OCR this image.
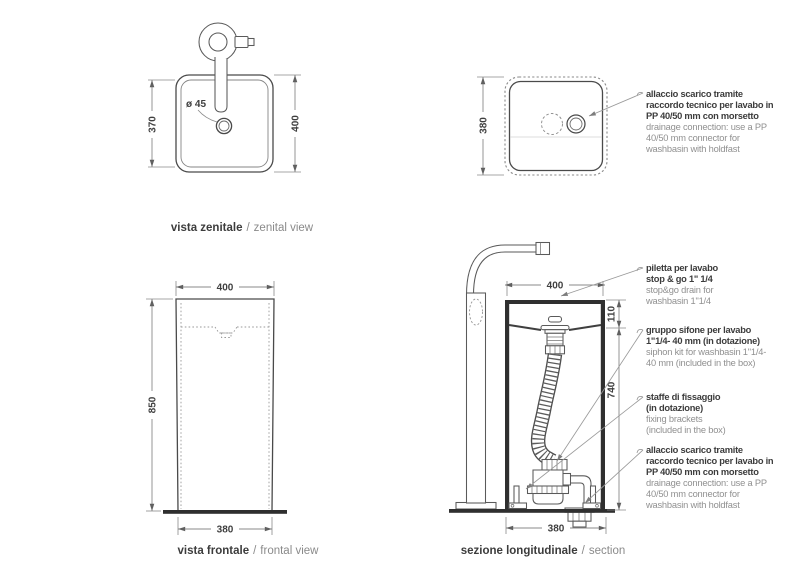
ø 45
370	400
vista zenitale / zenital view
380
allaccio scarico tramite
raccordo tecnico per lavabo in
PP 40/50 mm con morsetto
drainage connection: use a PP
40/50 mm connector for
washbasin with holdfast
400
850
380
vista frontale / frontal view
400
110
740
380
sezione longitudinale / section
piletta per lavabo
stop & go 1" 1/4
stop&go drain for
washbasin 1"1/4
gruppo sifone per lavabo
1"1/4- 40 mm (in dotazione)
siphon kit for washbasin 1"1/4-
40 mm (included in the box)
staffe di fissaggio
(in dotazione)
fixing brackets
(included in the box)
allaccio scarico tramite
raccordo tecnico per lavabo in
PP 40/50 mm con morsetto
drainage connection: use a PP
40/50 mm connector for
washbasin with holdfast
